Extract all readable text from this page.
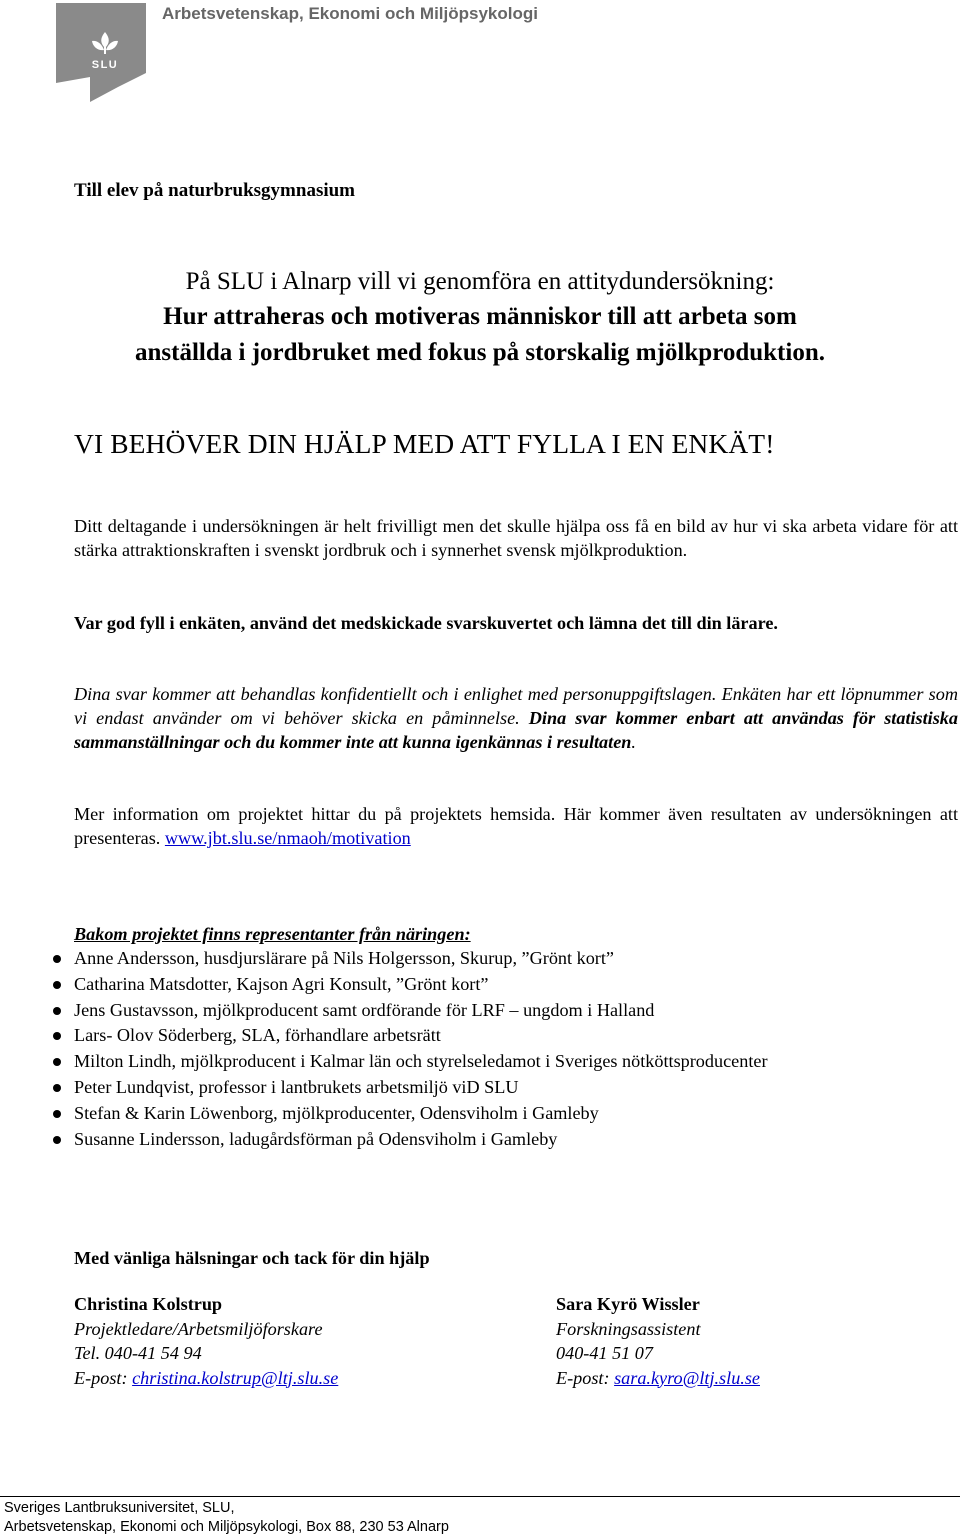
SLU
Arbetsvetenskap, Ekonomi och Miljöpsykologi
Till elev på naturbruksgymnasium
På SLU i Alnarp vill vi genomföra en attitydundersökning:
Hur attraheras och motiveras människor till att arbeta som
anställda i jordbruket med fokus på storskalig mjölkproduktion.
VI BEHÖVER DIN HJÄLP MED ATT FYLLA I EN ENKÄT!
Ditt deltagande i undersökningen är helt frivilligt men det skulle hjälpa oss få en bild av hur vi ska arbeta vidare för att stärka attraktionskraften i svenskt jordbruk och i synnerhet svensk mjölkproduktion.
Var god fyll i enkäten, använd det medskickade svarskuvertet och lämna det till din lärare.
Dina svar kommer att behandlas konfidentiellt och i enlighet med personuppgiftslagen. Enkäten har ett löpnummer som vi endast använder om vi behöver skicka en påminnelse. Dina svar kommer enbart att användas för statistiska sammanställningar och du kommer inte att kunna igenkännas i resultaten.
Mer information om projektet hittar du på projektets hemsida. Här kommer även resultaten av undersökningen att presenteras. www.jbt.slu.se/nmaoh/motivation
Bakom projektet finns representanter från näringen:
Anne Andersson, husdjurslärare på Nils Holgersson, Skurup, ”Grönt kort”
Catharina Matsdotter, Kajson Agri Konsult, ”Grönt kort”
Jens Gustavsson, mjölkproducent samt ordförande för LRF – ungdom i Halland
Lars- Olov Söderberg, SLA, förhandlare arbetsrätt
Milton Lindh, mjölkproducent i Kalmar län och styrelseledamot i Sveriges nötköttsproducenter
Peter Lundqvist, professor i lantbrukets arbetsmiljö viD SLU
Stefan & Karin Löwenborg, mjölkproducenter, Odensviholm i Gamleby
Susanne Lindersson, ladugårdsförman på Odensviholm i Gamleby
Med vänliga hälsningar och tack för din hjälp
Christina Kolstrup
Projektledare/Arbetsmiljöforskare
Tel. 040-41 54 94
E-post: christina.kolstrup@ltj.slu.se
Sara Kyrö Wissler
Forskningsassistent
040-41 51 07
E-post: sara.kyro@ltj.slu.se
Sveriges Lantbruksuniversitet, SLU,
Arbetsvetenskap, Ekonomi och Miljöpsykologi, Box 88, 230 53 Alnarp
